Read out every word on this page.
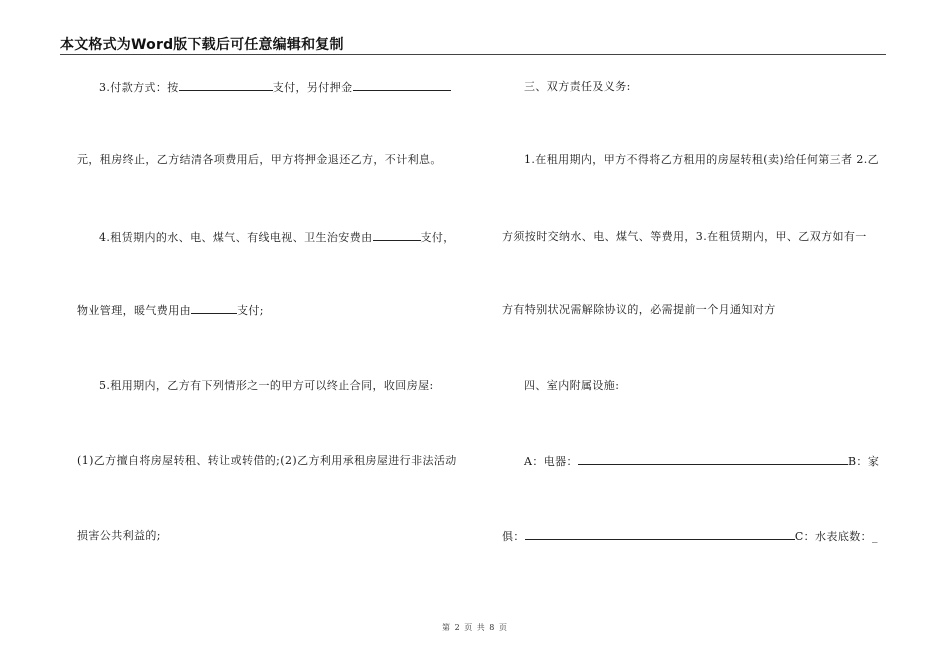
本文格式为Word版下载后可任意编辑和复制
3.付款方式：按	支付，另付押金
元，租房终止，乙方结清各项费用后，甲方将押金退还乙方，不计利息。
4.租赁期内的水、电、煤气、有线电视、卫生治安费由	支付，
物业管理，暖气费用由	支付;
5.租用期内，乙方有下列情形之一的甲方可以终止合同，收回房屋:
(1)乙方擅自将房屋转租、转让或转借的;(2)乙方利用承租房屋进行非法活动
损害公共利益的;
三、双方责任及义务:
1.在租用期内，甲方不得将乙方租用的房屋转租(卖)给任何第三者 2.乙
方须按时交纳水、电、煤气、等费用，3.在租赁期内，甲、乙双方如有一
方有特别状况需解除协议的，必需提前一个月通知对方
四、室内附属设施:
A：电器：	B：家
俱：	C：水表底数：_
第 2 页 共 8 页
